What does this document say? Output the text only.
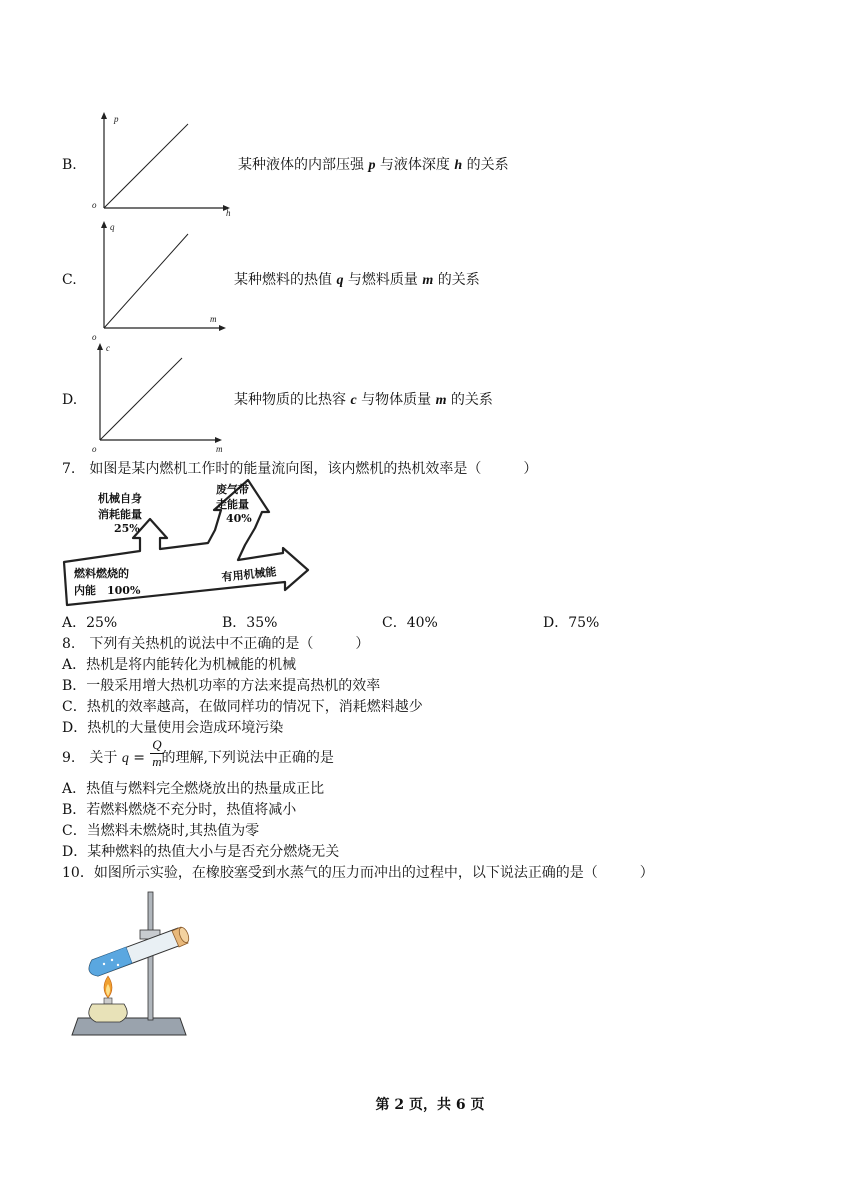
B.
p
h
o
某种液体的内部压强 p 与液体深度 h 的关系
C.
q
m
o
某种燃料的热值 q 与燃料质量 m 的关系
D.
c
m
o
某种物质的比热容 c 与物体质量 m 的关系
7.　如图是某内燃机工作时的能量流向图，该内燃机的热机效率是（　　　）
燃料燃烧的
内能　100%
机械自身
消耗能量
25%
废气带
走能量
40%
有用机械能
A．25%	B．35%	C．40%	D．75%
8.　下列有关热机的说法中不正确的是（　　　）
A．热机是将内能转化为机械能的机械
B．一般采用增大热机功率的方法来提高热机的效率
C．热机的效率越高，在做同样功的情况下，消耗燃料越少
D．热机的大量使用会造成环境污染
9.　关于 q = 的理解,下列说法中正确的是
Q
m
A．热值与燃料完全燃烧放出的热量成正比
B．若燃料燃烧不充分时，热值将减小
C．当燃料未燃烧时,其热值为零
D．某种燃料的热值大小与是否充分燃烧无关
10．如图所示实验，在橡胶塞受到水蒸气的压力而冲出的过程中，以下说法正确的是（　　　）
第 2 页，共 6 页
